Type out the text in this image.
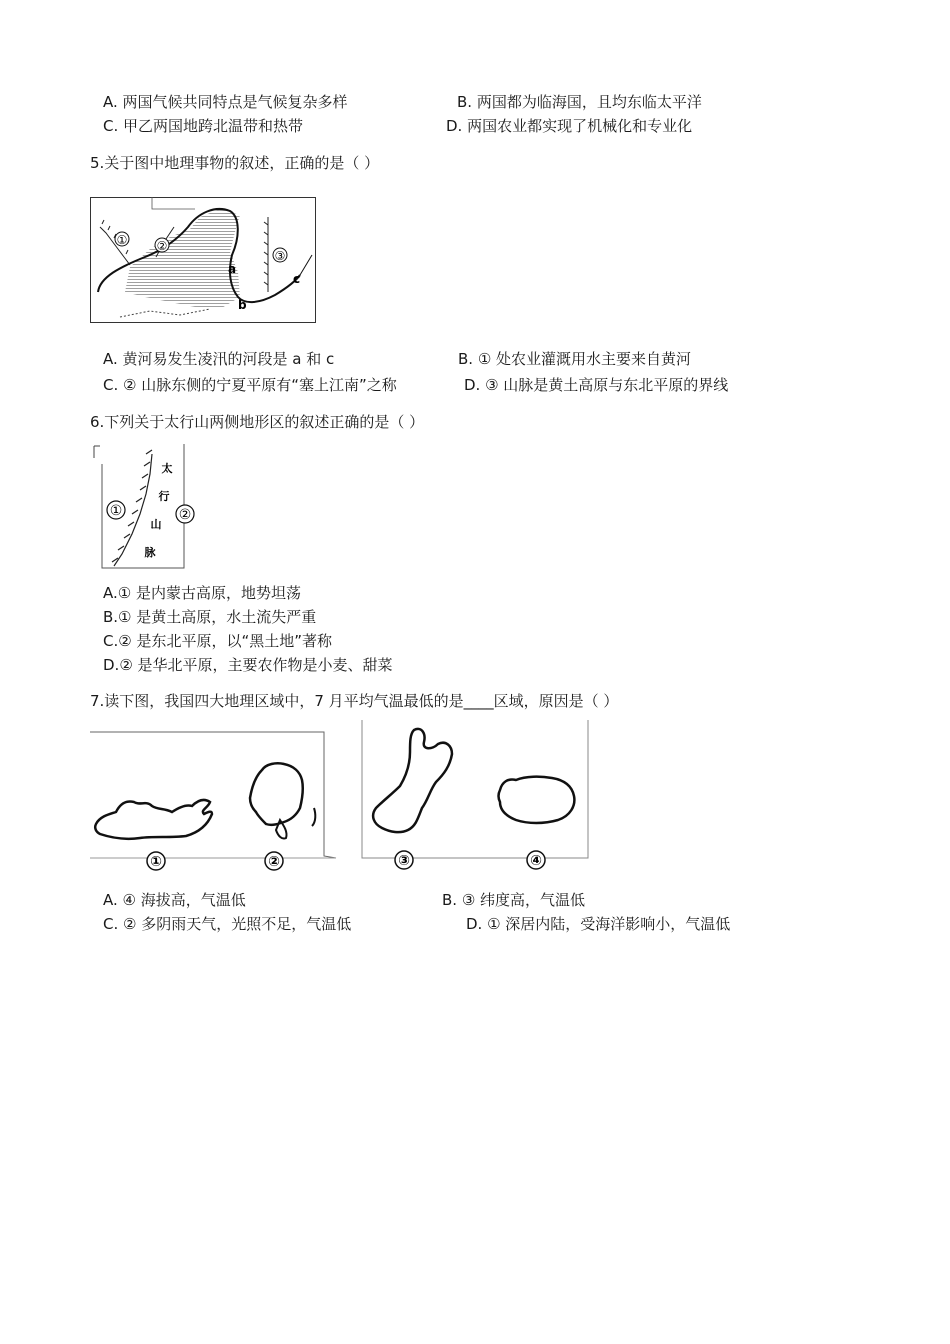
A. 两国气候共同特点是气候复杂多样	B. 两国都为临海国，且均东临太平洋
C. 甲乙两国地跨北温带和热带	D. 两国农业都实现了机械化和专业化
5.关于图中地理事物的叙述，正确的是（ ）
① ②
③
a
b
c
A. 黄河易发生凌汛的河段是 a 和 c	B. ① 处农业灌溉用水主要来自黄河
C. ② 山脉东侧的宁夏平原有“塞上江南”之称	D. ③ 山脉是黄土高原与东北平原的界线
6.下列关于太行山两侧地形区的叙述正确的是（ ）
太
行
山
脉
①	②
A.① 是内蒙古高原，地势坦荡
B.① 是黄土高原，水土流失严重
C.② 是东北平原，以“黑土地”著称
D.② 是华北平原，主要农作物是小麦、甜菜
7.读下图，我国四大地理区域中，7 月平均气温最低的是____区域，原因是（ ）
①	②	③	④
A. ④ 海拔高，气温低	B. ③ 纬度高，气温低
C. ② 多阴雨天气，光照不足，气温低	D. ① 深居内陆，受海洋影响小，气温低
